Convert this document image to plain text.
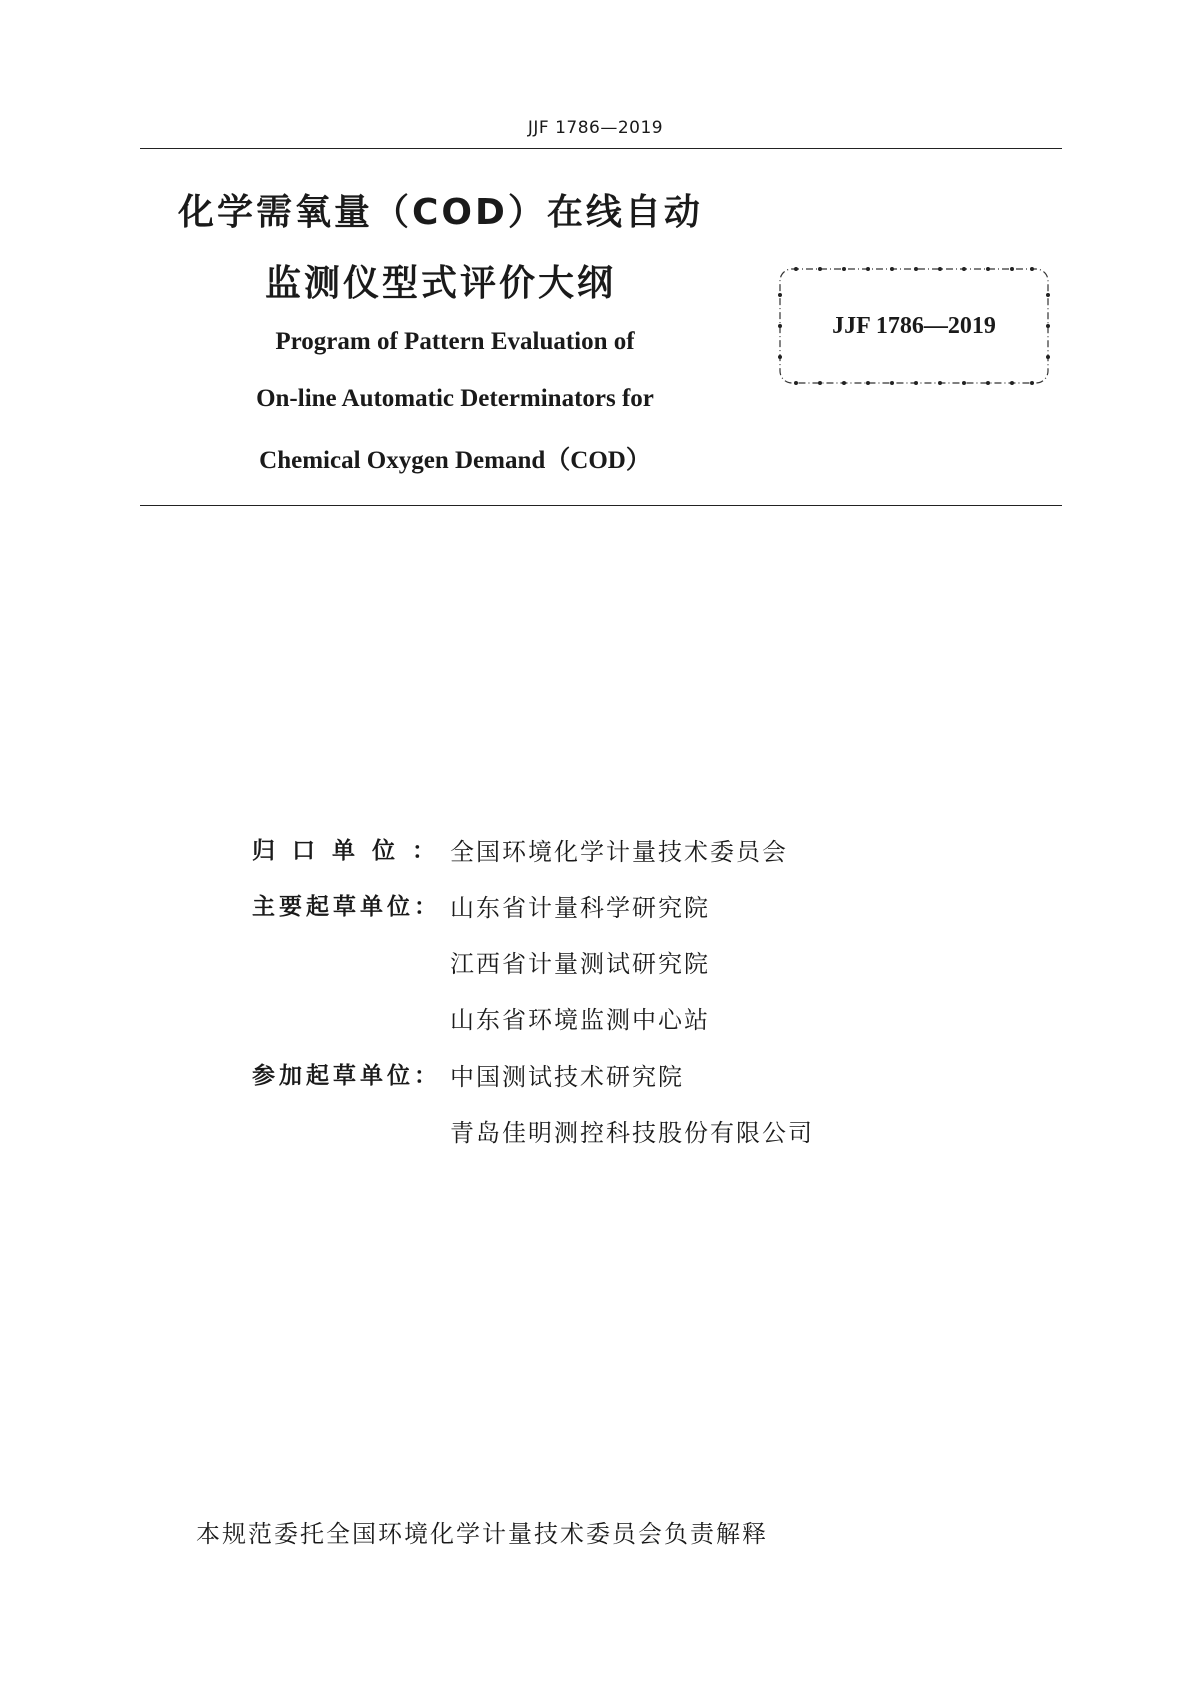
JJF 1786—2019
化学需氧量（COD）在线自动
监测仪型式评价大纲
Program of Pattern Evaluation of
On-line Automatic Determinators for
Chemical Oxygen Demand（COD）
JJF 1786—2019
归口单位：
全国环境化学计量技术委员会
主要起草单位： 山东省计量科学研究院
江西省计量测试研究院
山东省环境监测中心站
参加起草单位： 中国测试技术研究院
青岛佳明测控科技股份有限公司
本规范委托全国环境化学计量技术委员会负责解释
